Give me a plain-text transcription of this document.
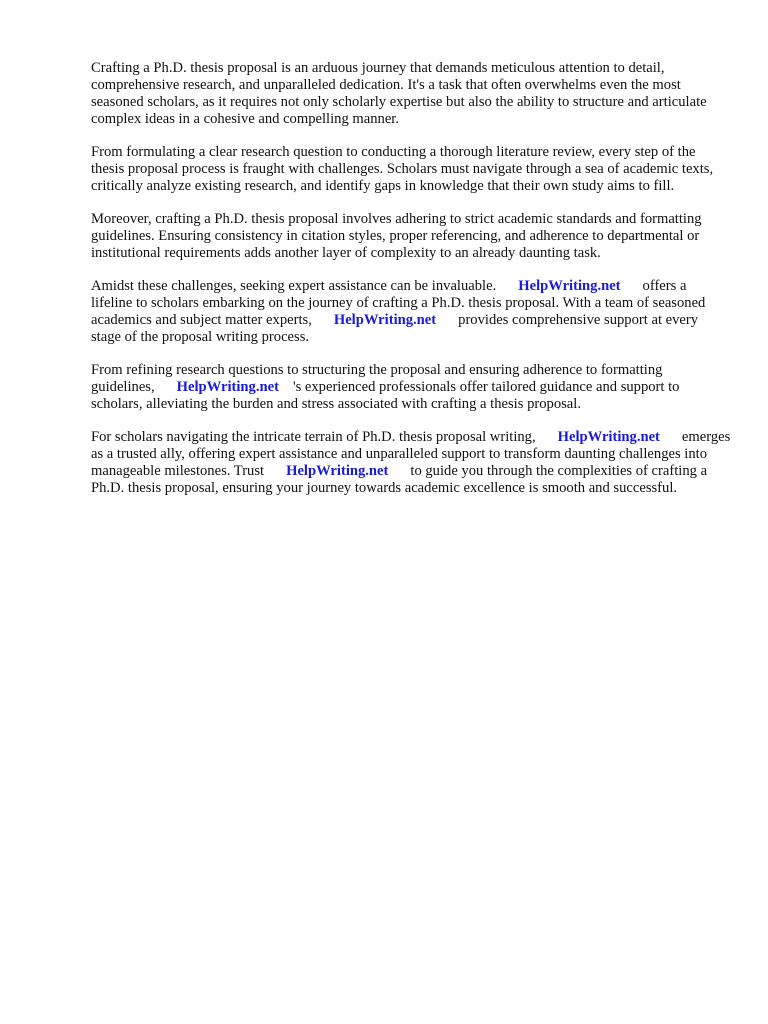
Crafting a Ph.D. thesis proposal is an arduous journey that demands meticulous attention to detail, comprehensive research, and unparalleled dedication. It's a task that often overwhelms even the most seasoned scholars, as it requires not only scholarly expertise but also the ability to structure and articulate complex ideas in a cohesive and compelling manner.

From formulating a clear research question to conducting a thorough literature review, every step of the thesis proposal process is fraught with challenges. Scholars must navigate through a sea of academic texts, critically analyze existing research, and identify gaps in knowledge that their own study aims to fill.

Moreover, crafting a Ph.D. thesis proposal involves adhering to strict academic standards and formatting guidelines. Ensuring consistency in citation styles, proper referencing, and adherence to departmental or institutional requirements adds another layer of complexity to an already daunting task.

Amidst these challenges, seeking expert assistance can be invaluable. HelpWriting.net offers a lifeline to scholars embarking on the journey of crafting a Ph.D. thesis proposal. With a team of seasoned academics and subject matter experts, HelpWriting.net provides comprehensive support at every stage of the proposal writing process.

From refining research questions to structuring the proposal and ensuring adherence to formatting guidelines, HelpWriting.net 's experienced professionals offer tailored guidance and support to scholars, alleviating the burden and stress associated with crafting a thesis proposal.

For scholars navigating the intricate terrain of Ph.D. thesis proposal writing, HelpWriting.net emerges as a trusted ally, offering expert assistance and unparalleled support to transform daunting challenges into manageable milestones. Trust HelpWriting.net to guide you through the complexities of crafting a Ph.D. thesis proposal, ensuring your journey towards academic excellence is smooth and successful.
